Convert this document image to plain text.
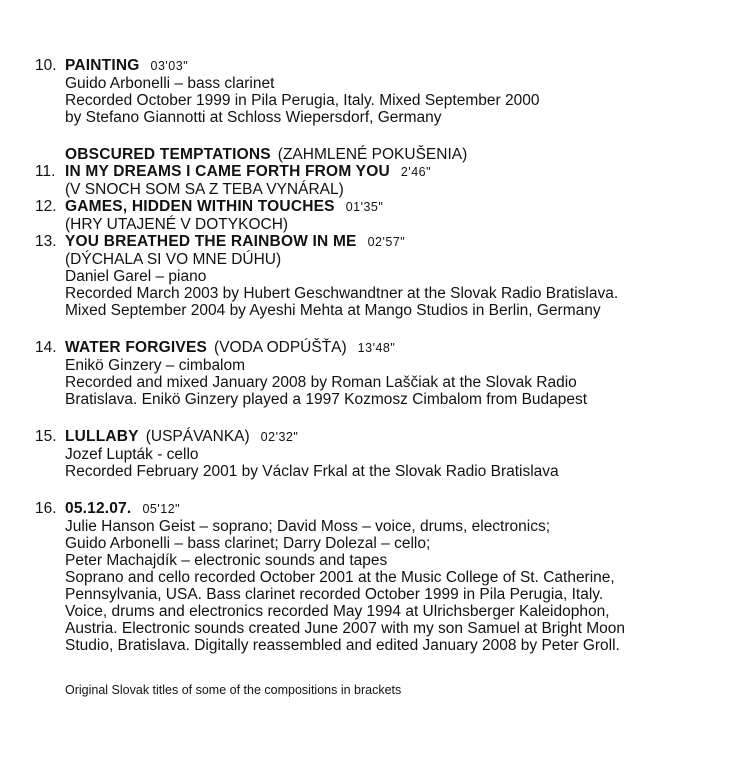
10. PAINTING 03'03"
Guido Arbonelli – bass clarinet
Recorded October 1999 in Pila Perugia, Italy. Mixed September 2000
by Stefano Giannotti at Schloss Wiepersdorf, Germany
OBSCURED TEMPTATIONS (ZAHMLENÉ POKUŠENIA)
11. IN MY DREAMS I CAME FORTH FROM YOU 2'46"
(V SNOCH SOM SA Z TEBA VYNÁRAL)
12. GAMES, HIDDEN WITHIN TOUCHES 01'35"
(HRY UTAJENÉ V DOTYKOCH)
13. YOU BREATHED THE RAINBOW IN ME 02'57"
(DÝCHALA SI VO MNE DÚHU)
Daniel Garel – piano
Recorded March 2003 by Hubert Geschwandtner at the Slovak Radio Bratislava.
Mixed September 2004 by Ayeshi Mehta at Mango Studios in Berlin, Germany
14. WATER FORGIVES (VODA ODPÚŠŤA) 13'48"
Enikö Ginzery – cimbalom
Recorded and mixed January 2008 by Roman Laščiak at the Slovak Radio
Bratislava. Enikö Ginzery played a 1997 Kozmosz Cimbalom from Budapest
15. LULLABY (USPÁVANKA) 02'32"
Jozef Lupták - cello
Recorded February 2001 by Václav Frkal at the Slovak Radio Bratislava
16. 05.12.07. 05'12"
Julie Hanson Geist – soprano; David Moss – voice, drums, electronics;
Guido Arbonelli – bass clarinet; Darry Dolezal – cello;
Peter Machajdík – electronic sounds and tapes
Soprano and cello recorded October 2001 at the Music College of St. Catherine,
Pennsylvania, USA. Bass clarinet recorded October 1999 in Pila Perugia, Italy.
Voice, drums and electronics recorded May 1994 at Ulrichsberger Kaleidophon,
Austria. Electronic sounds created June 2007 with my son Samuel at Bright Moon
Studio, Bratislava. Digitally reassembled and edited January 2008 by Peter Groll.
Original Slovak titles of some of the compositions in brackets
